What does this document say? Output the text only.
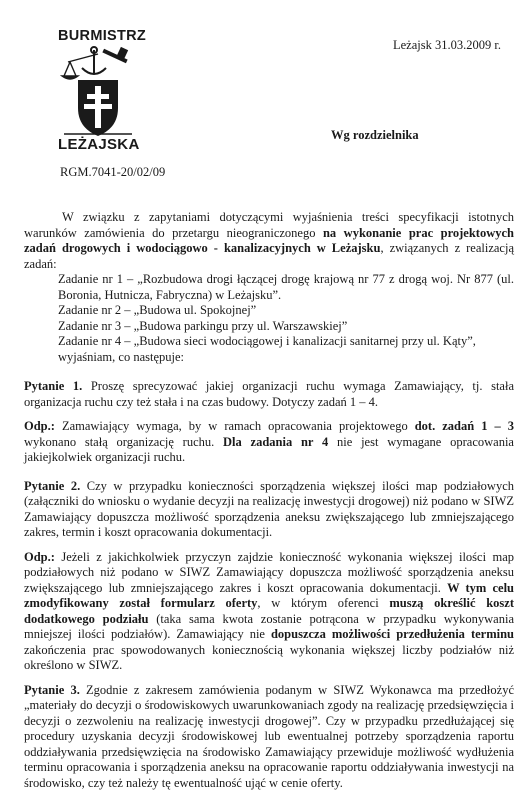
BURMISTRZ
LEŻAJSKA
RGM.7041-20/02/09
Leżajsk 31.03.2009 r.
Wg rozdzielnika

W związku z zapytaniami dotyczącymi wyjaśnienia treści specyfikacji istotnych warunków zamówienia do przetargu nieograniczonego na wykonanie prac projektowych zadań drogowych i wodociągowo - kanalizacyjnych w Leżajsku, związanych z realizacją zadań:

Zadanie nr 1 – „Rozbudowa drogi łączącej drogę krajową nr 77 z drogą woj. Nr 877 (ul. Boronia, Hutnicza, Fabryczna) w Leżajsku”.

Zadanie nr 2 – „Budowa ul. Spokojnej”

Zadanie nr 3 – „Budowa parkingu przy ul. Warszawskiej”

Zadanie nr 4 – „Budowa sieci wodociągowej i kanalizacji sanitarnej przy ul. Kąty”,

wyjaśniam, co następuje:

Pytanie 1. Proszę sprecyzować jakiej organizacji ruchu wymaga Zamawiający, tj. stała organizacja ruchu czy też stała i na czas budowy. Dotyczy zadań 1 – 4.

Odp.: Zamawiający wymaga, by w ramach opracowania projektowego dot. zadań 1 – 3 wykonano stałą organizację ruchu. Dla zadania nr 4 nie jest wymagane opracowania jakiejkolwiek organizacji ruchu.

Pytanie 2. Czy w przypadku konieczności sporządzenia większej ilości map podziałowych (załączniki do wniosku o wydanie decyzji na realizację inwestycji drogowej) niż podano w SIWZ Zamawiający dopuszcza możliwość sporządzenia aneksu zwiększającego lub zmniejszającego zakres, termin i koszt opracowania dokumentacji.

Odp.: Jeżeli z jakichkolwiek przyczyn zajdzie konieczność wykonania większej ilości map podziałowych niż podano w SIWZ Zamawiający dopuszcza możliwość sporządzenia aneksu zwiększającego lub zmniejszającego zakres i koszt opracowania dokumentacji. W tym celu zmodyfikowany został formularz oferty, w którym oferenci muszą określić koszt dodatkowego podziału (taka sama kwota zostanie potrącona w przypadku wykonywania mniejszej ilości podziałów). Zamawiający nie dopuszcza możliwości przedłużenia terminu zakończenia prac spowodowanych koniecznością wykonania większej liczby podziałów niż określono w SIWZ.

Pytanie 3. Zgodnie z zakresem zamówienia podanym w SIWZ Wykonawca ma przedłożyć „materiały do decyzji o środowiskowych uwarunkowaniach zgody na realizację przedsięwzięcia i decyzji o zezwoleniu na realizację inwestycji drogowej”. Czy w przypadku przedłużającej się procedury uzyskania decyzji środowiskowej lub ewentualnej potrzeby sporządzenia raportu oddziaływania przedsięwzięcia na środowisko Zamawiający przewiduje możliwość wydłużenia terminu opracowania i sporządzenia aneksu na opracowanie raportu oddziaływania inwestycji na środowisko, czy też należy tę ewentualność ująć w cenie oferty.
